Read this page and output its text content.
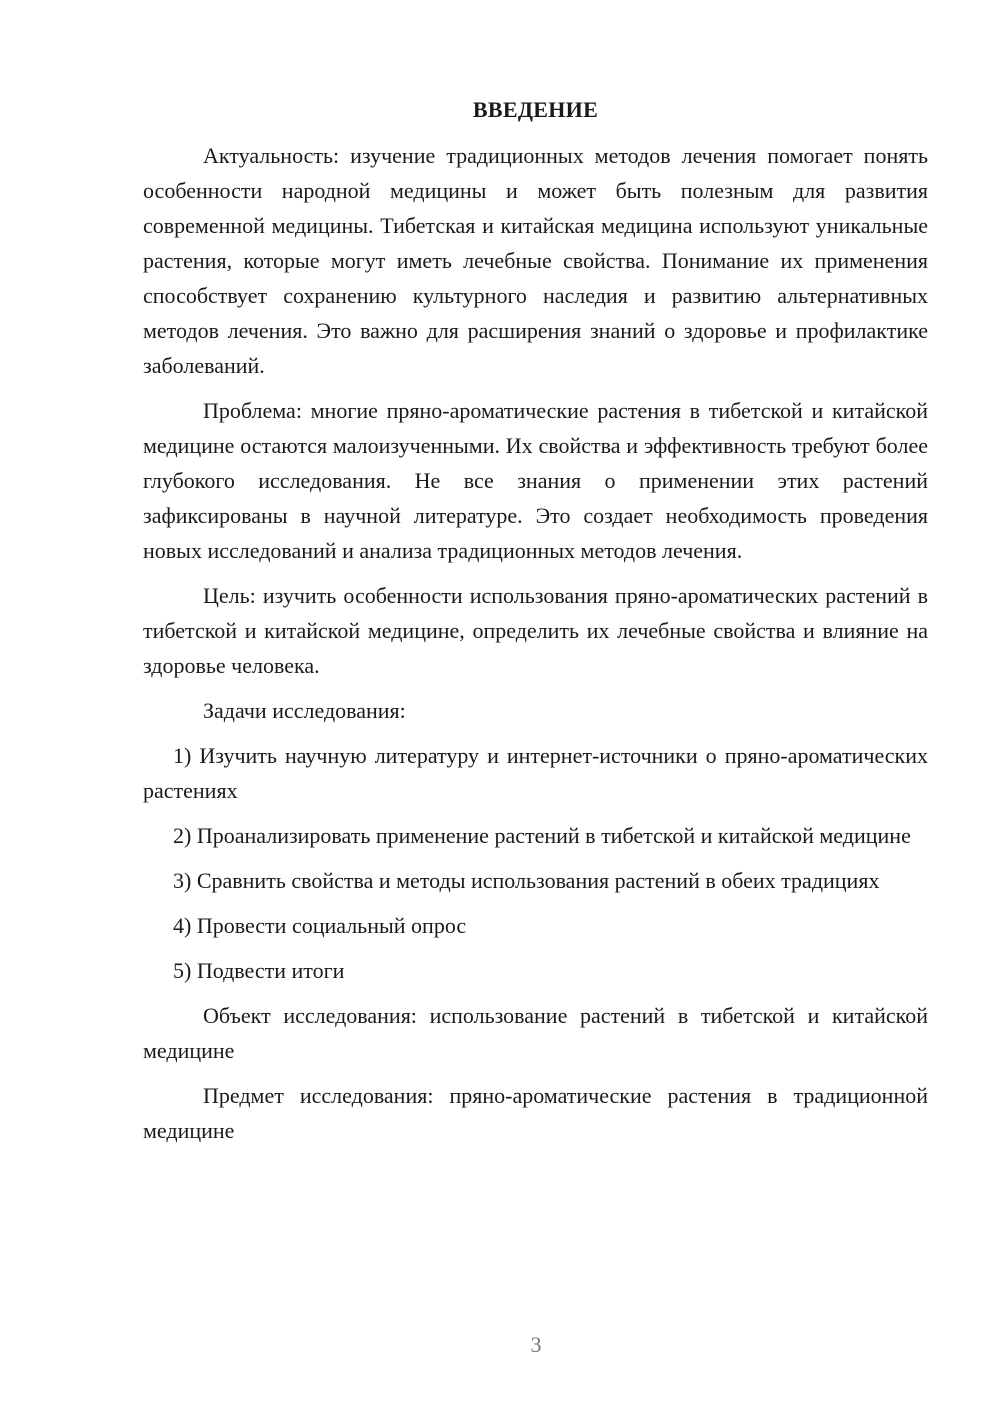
ВВЕДЕНИЕ

Актуальность: изучение традиционных методов лечения помогает понять особенности народной медицины и может быть полезным для развития современной медицины. Тибетская и китайская медицина используют уникальные растения, которые могут иметь лечебные свойства. Понимание их применения способствует сохранению культурного наследия и развитию альтернативных методов лечения. Это важно для расширения знаний о здоровье и профилактике заболеваний.

Проблема: многие пряно-ароматические растения в тибетской и китайской медицине остаются малоизученными. Их свойства и эффективность требуют более глубокого исследования. Не все знания о применении этих растений зафиксированы в научной литературе. Это создает необходимость проведения новых исследований и анализа традиционных методов лечения.

Цель: изучить особенности использования пряно-ароматических растений в тибетской и китайской медицине, определить их лечебные свойства и влияние на здоровье человека.

Задачи исследования:

1) Изучить научную литературу и интернет-источники о пряно-ароматических растениях

2) Проанализировать применение растений в тибетской и китайской медицине

3) Сравнить свойства и методы использования растений в обеих традициях

4) Провести социальный опрос

5) Подвести итоги

Объект исследования: использование растений в тибетской и китайской медицине

Предмет исследования: пряно-ароматические растения в традиционной медицине

3
